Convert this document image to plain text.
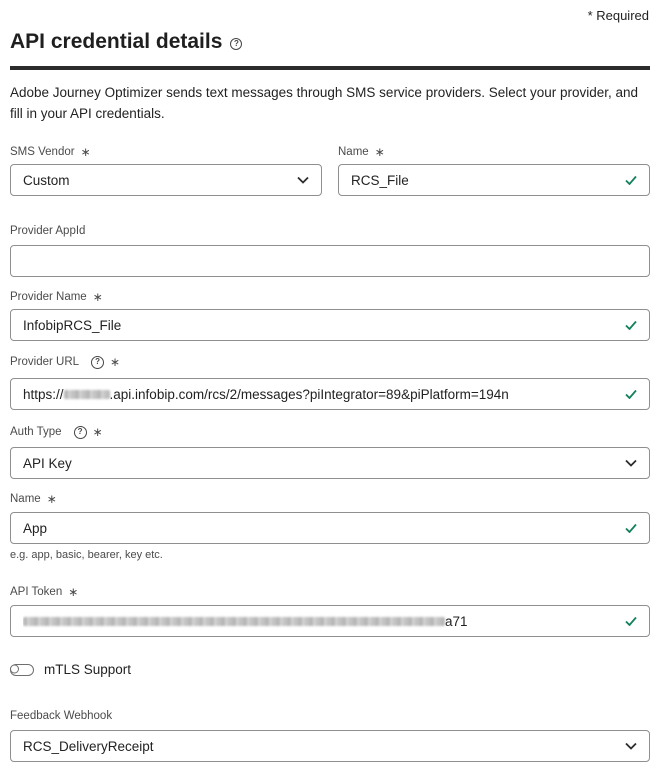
* Required
API credential details	?
Adobe Journey Optimizer sends text messages through SMS service providers. Select your provider, and fill in your API credentials.
SMS Vendor ∗
Custom
Name ∗
RCS_File
Provider AppId
Provider Name ∗
InfobipRCS_File
Provider URL	? ∗
https://	.api.infobip.com/rcs/2/messages?piIntegrator=89&piPlatform=194n
Auth Type	? ∗
API Key
Name ∗
App
e.g. app, basic, bearer, key etc.
API Token ∗
a71
mTLS Support
Feedback Webhook
RCS_DeliveryReceipt
